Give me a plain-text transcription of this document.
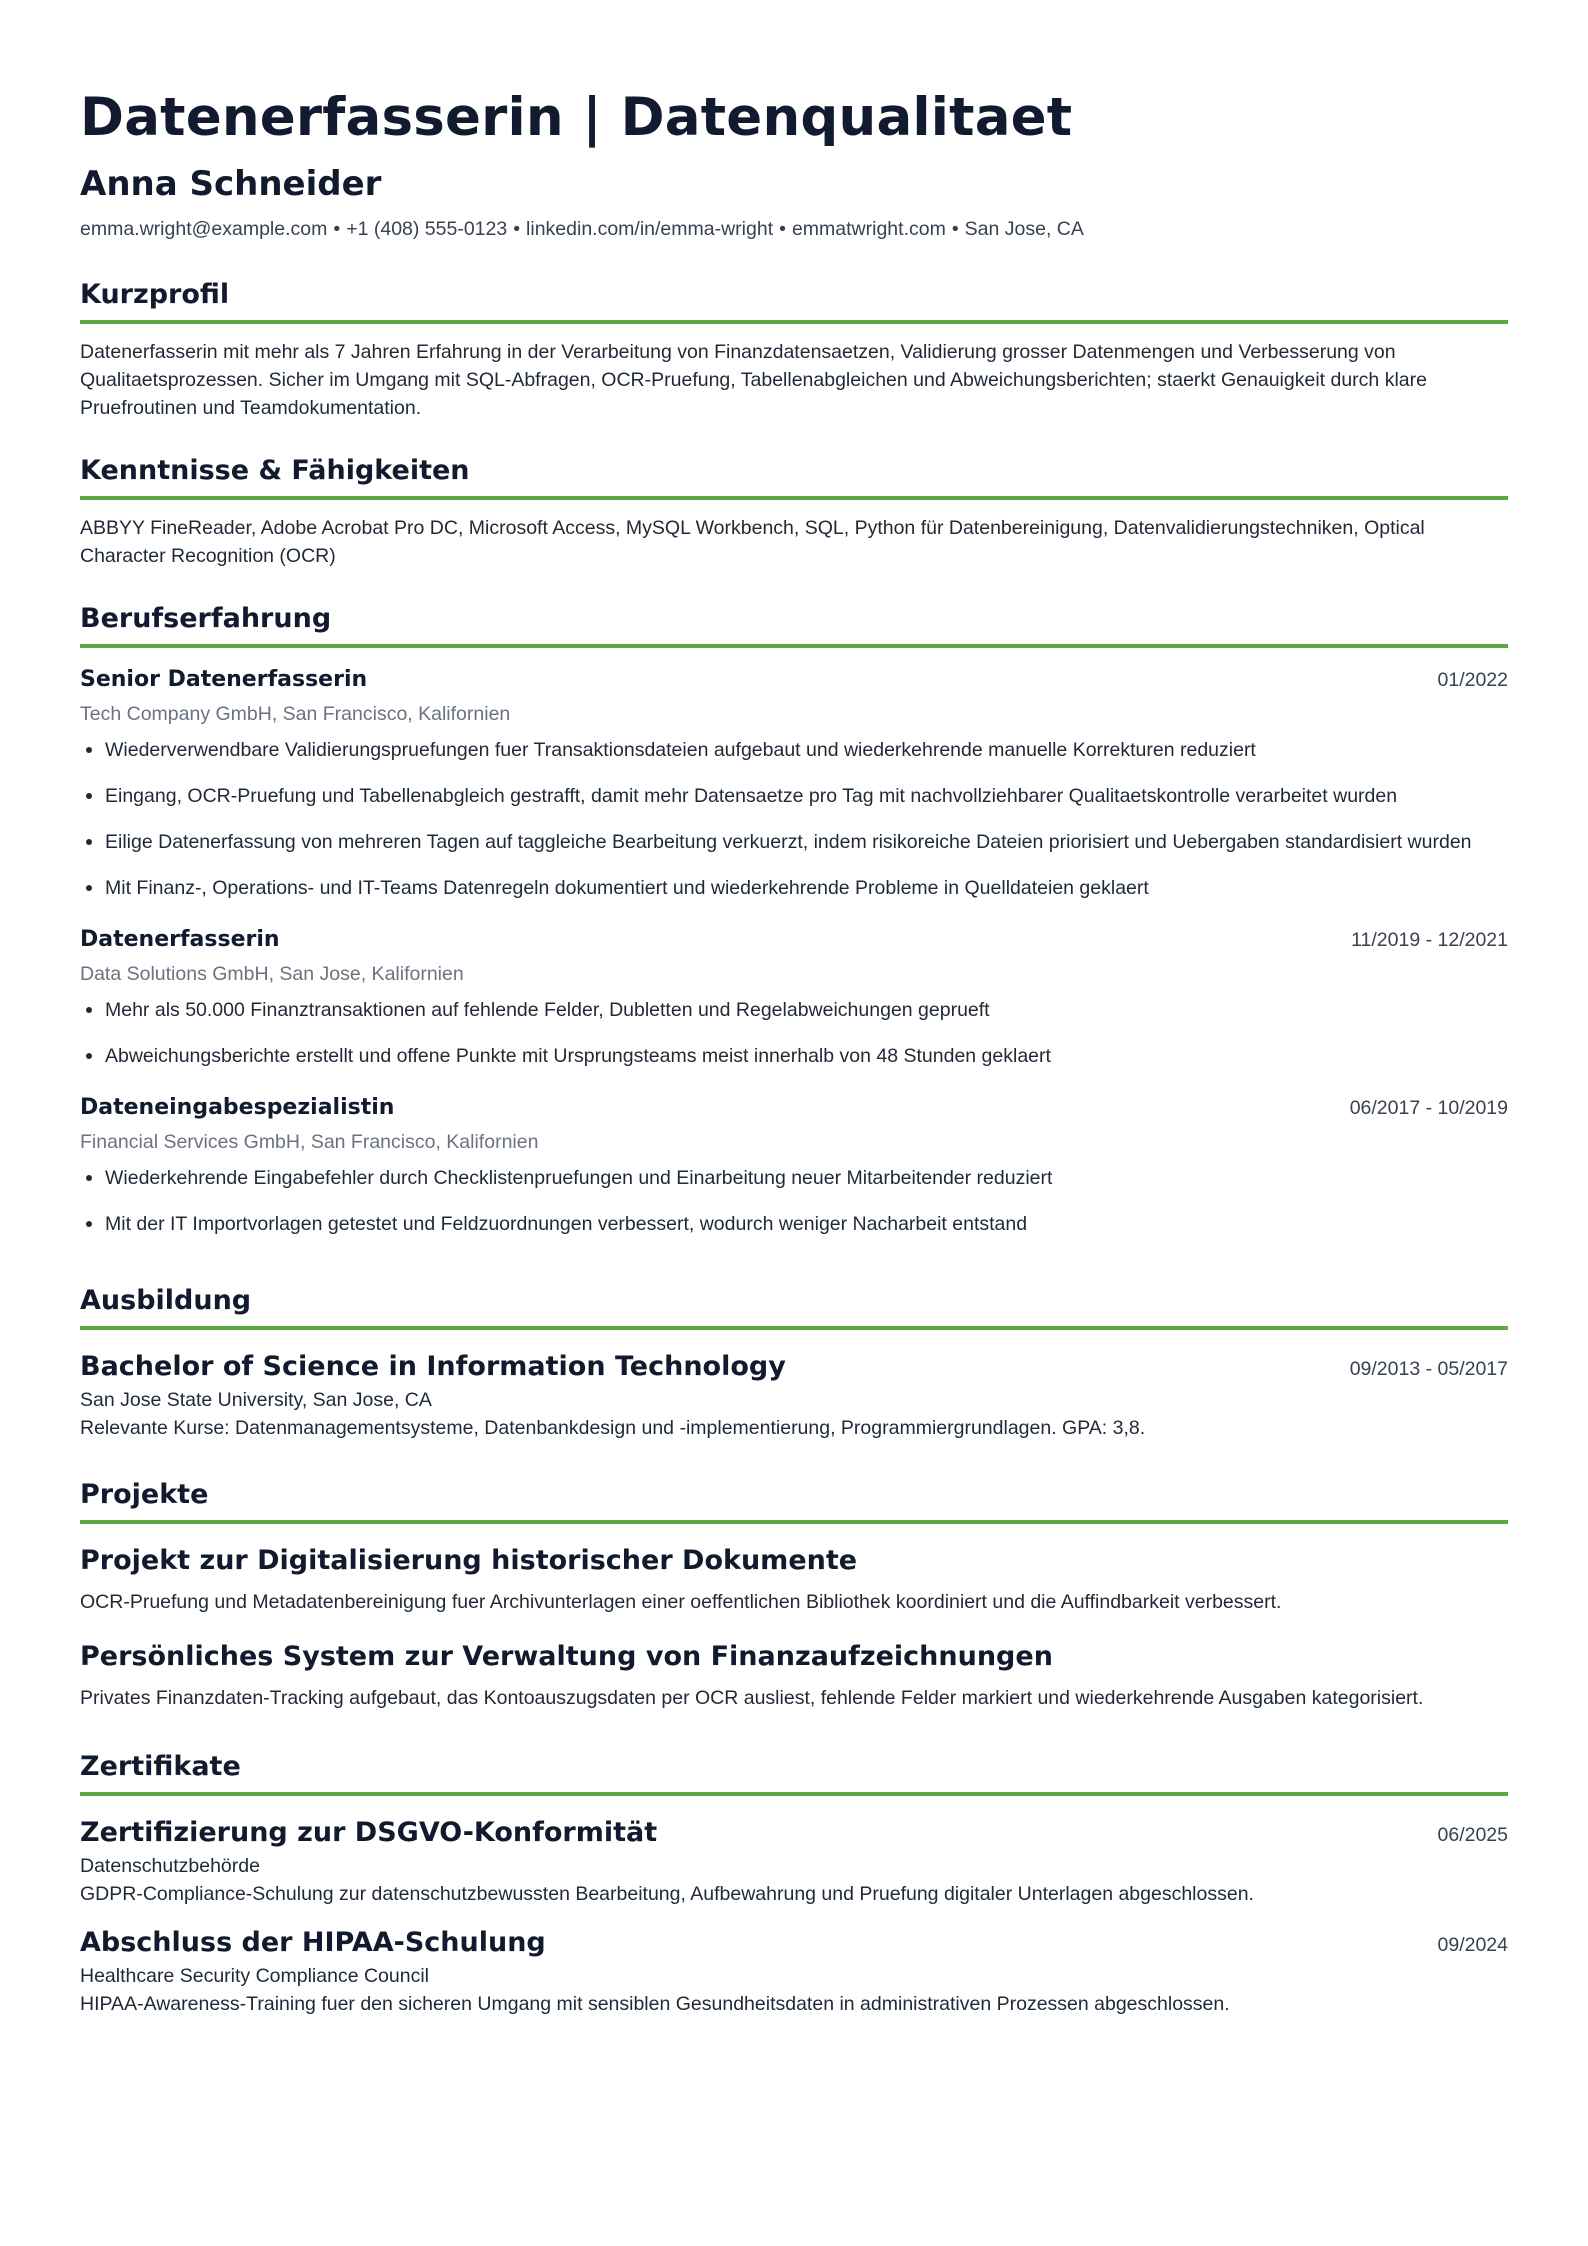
Datenerfasserin | Datenqualitaet
Anna Schneider
emma.wright@example.com • +1 (408) 555-0123 • linkedin.com/in/emma-wright • emmatwright.com • San Jose, CA
Kurzprofil

Datenerfasserin mit mehr als 7 Jahren Erfahrung in der Verarbeitung von Finanzdatensaetzen, Validierung grosser Datenmengen und Verbesserung von Qualitaetsprozessen. Sicher im Umgang mit SQL-Abfragen, OCR-Pruefung, Tabellenabgleichen und Abweichungsberichten; staerkt Genauigkeit durch klare Pruefroutinen und Teamdokumentation.

Kenntnisse & Fähigkeiten

ABBYY FineReader, Adobe Acrobat Pro DC, Microsoft Access, MySQL Workbench, SQL, Python für Datenbereinigung, Datenvalidierungstechniken, Optical Character Recognition (OCR)

Berufserfahrung
Senior Datenerfasserin	01/2022
Tech Company GmbH, San Francisco, Kalifornien
Wiederverwendbare Validierungspruefungen fuer Transaktionsdateien aufgebaut und wiederkehrende manuelle Korrekturen reduziert
Eingang, OCR-Pruefung und Tabellenabgleich gestrafft, damit mehr Datensaetze pro Tag mit nachvollziehbarer Qualitaetskontrolle verarbeitet wurden
Eilige Datenerfassung von mehreren Tagen auf taggleiche Bearbeitung verkuerzt, indem risikoreiche Dateien priorisiert und Uebergaben standardisiert wurden
Mit Finanz-, Operations- und IT-Teams Datenregeln dokumentiert und wiederkehrende Probleme in Quelldateien geklaert
Datenerfasserin	11/2019 - 12/2021
Data Solutions GmbH, San Jose, Kalifornien
Mehr als 50.000 Finanztransaktionen auf fehlende Felder, Dubletten und Regelabweichungen geprueft
Abweichungsberichte erstellt und offene Punkte mit Ursprungsteams meist innerhalb von 48 Stunden geklaert
Dateneingabespezialistin	06/2017 - 10/2019
Financial Services GmbH, San Francisco, Kalifornien
Wiederkehrende Eingabefehler durch Checklistenpruefungen und Einarbeitung neuer Mitarbeitender reduziert
Mit der IT Importvorlagen getestet und Feldzuordnungen verbessert, wodurch weniger Nacharbeit entstand
Ausbildung
Bachelor of Science in Information Technology	09/2013 - 05/2017
San Jose State University, San Jose, CA
Relevante Kurse: Datenmanagementsysteme, Datenbankdesign und -implementierung, Programmiergrundlagen. GPA: 3,8.
Projekte
Projekt zur Digitalisierung historischer Dokumente

OCR-Pruefung und Metadatenbereinigung fuer Archivunterlagen einer oeffentlichen Bibliothek koordiniert und die Auffindbarkeit verbessert.

Persönliches System zur Verwaltung von Finanzaufzeichnungen

Privates Finanzdaten-Tracking aufgebaut, das Kontoauszugsdaten per OCR ausliest, fehlende Felder markiert und wiederkehrende Ausgaben kategorisiert.

Zertifikate
Zertifizierung zur DSGVO-Konformität	06/2025
Datenschutzbehörde
GDPR-Compliance-Schulung zur datenschutzbewussten Bearbeitung, Aufbewahrung und Pruefung digitaler Unterlagen abgeschlossen.
Abschluss der HIPAA-Schulung	09/2024
Healthcare Security Compliance Council
HIPAA-Awareness-Training fuer den sicheren Umgang mit sensiblen Gesundheitsdaten in administrativen Prozessen abgeschlossen.
